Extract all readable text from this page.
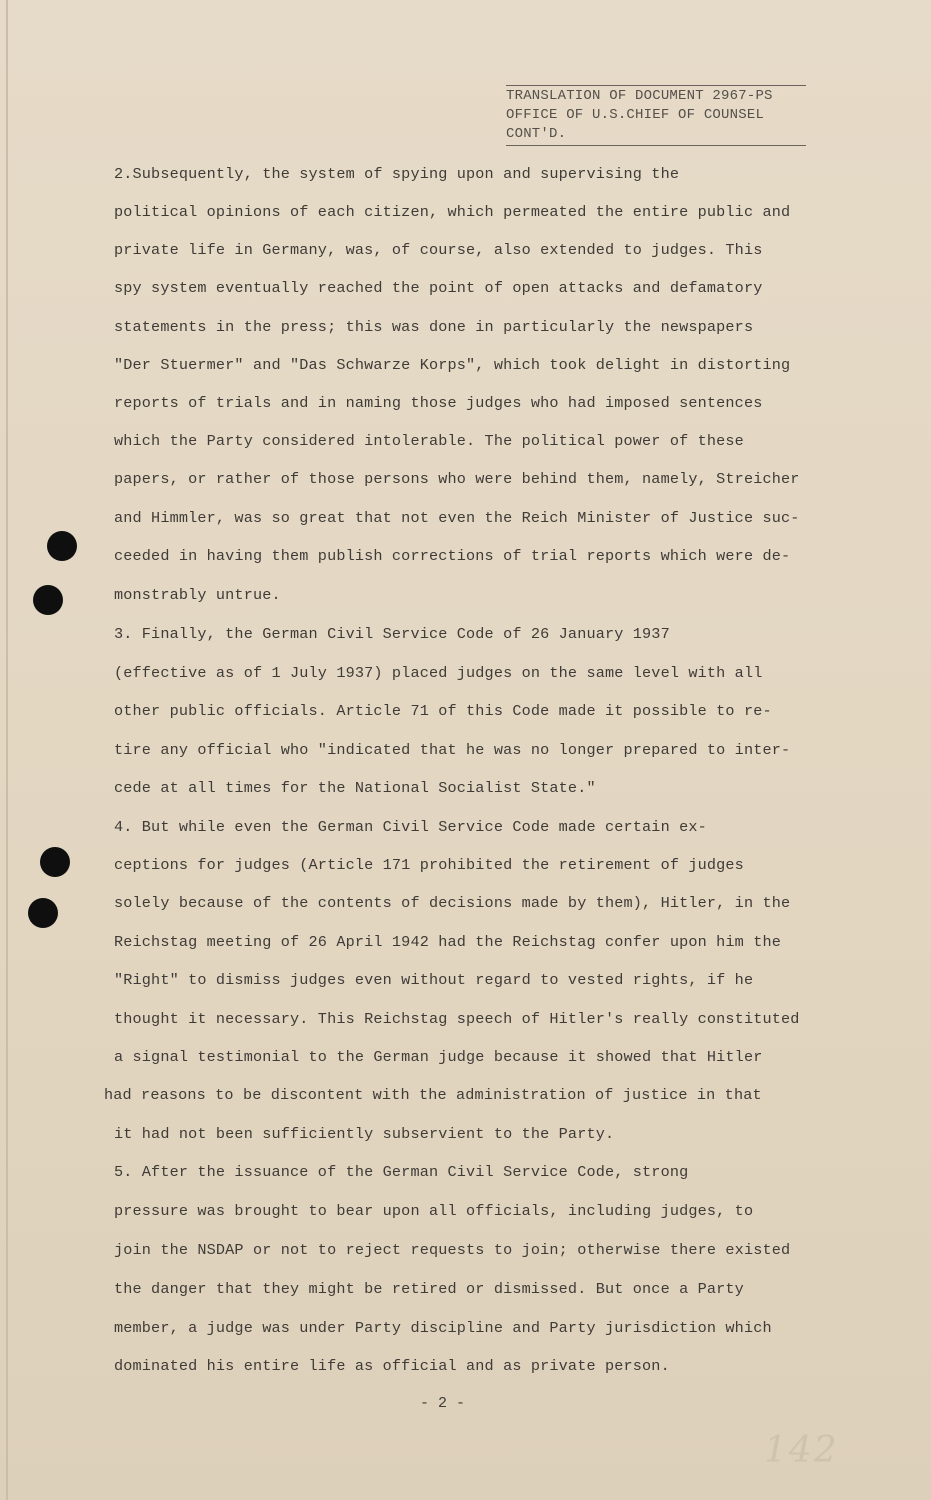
TRANSLATION OF DOCUMENT 2967-PS
OFFICE OF U.S.CHIEF OF COUNSEL
CONT'D.
2.Subsequently, the system of spying upon and supervising the
political opinions of each citizen, which permeated the entire public and
private life in Germany, was, of course, also extended to judges. This
spy system eventually reached the point of open attacks and defamatory
statements in the press; this was done in particularly the newspapers
"Der Stuermer" and "Das Schwarze Korps", which took delight in distorting
reports of trials and in naming those judges who had imposed sentences
which the Party considered intolerable. The political power of these
papers, or rather of those persons who were behind them, namely, Streicher
and Himmler, was so great that not even the Reich Minister of Justice suc-
ceeded in having them publish corrections of trial reports which were de-
monstrably untrue.
3. Finally, the German Civil Service Code of 26 January 1937
(effective as of 1 July 1937) placed judges on the same level with all
other public officials. Article 71 of this Code made it possible to re-
tire any official who "indicated that he was no longer prepared to inter-
cede at all times for the National Socialist State."
4. But while even the German Civil Service Code made certain ex-
ceptions for judges (Article 171 prohibited the retirement of judges
solely because of the contents of decisions made by them), Hitler, in the
Reichstag meeting of 26 April 1942 had the Reichstag confer upon him the
"Right" to dismiss judges even without regard to vested rights, if he
thought it necessary. This Reichstag speech of Hitler's really constituted
a signal testimonial to the German judge because it showed that Hitler
had reasons to be discontent with the administration of justice in that
it had not been sufficiently subservient to the Party.
5. After the issuance of the German Civil Service Code, strong
pressure was brought to bear upon all officials, including judges, to
join the NSDAP or not to reject requests to join; otherwise there existed
the danger that they might be retired or dismissed. But once a Party
member, a judge was under Party discipline and Party jurisdiction which
dominated his entire life as official and as private person.
- 2 -
142
